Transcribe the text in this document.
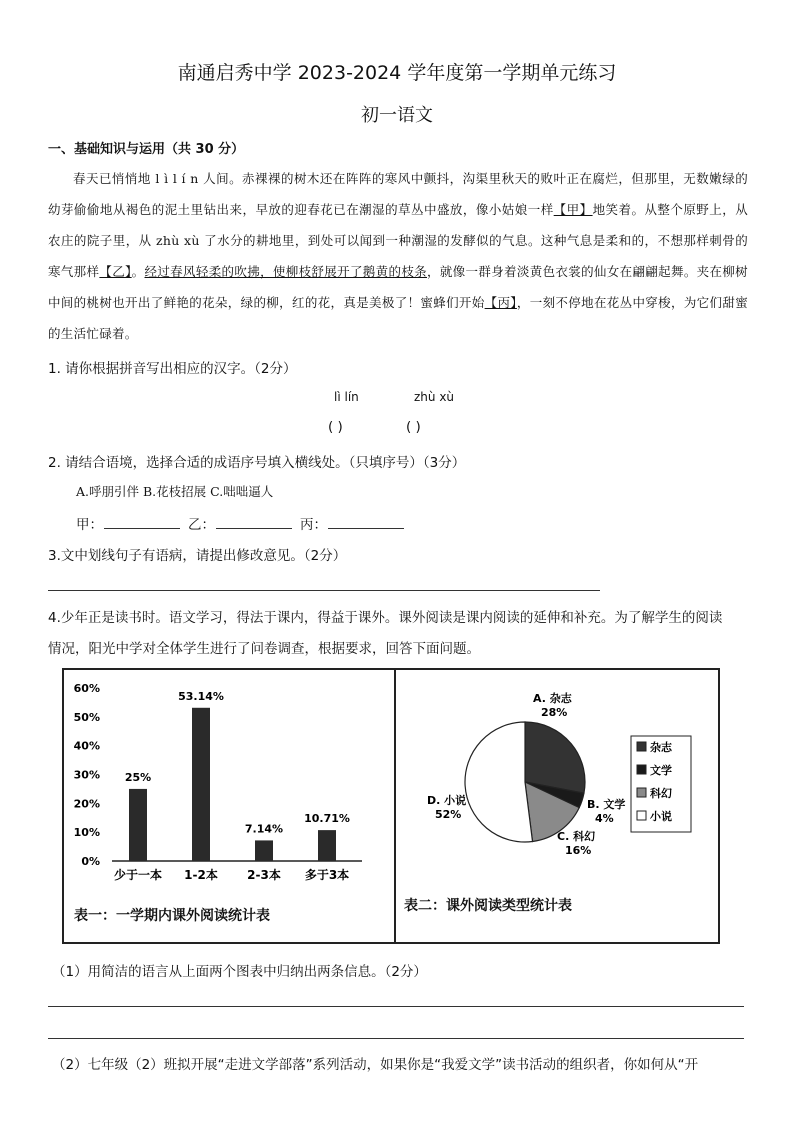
南通启秀中学 2023-2024 学年度第一学期单元练习
初一语文
一、基础知识与运用（共 30 分）

春天已悄悄地 l ì l í n 人间。赤裸裸的树木还在阵阵的寒风中颤抖，沟渠里秋天的败叶正在腐烂，但那里，无数嫩绿的幼芽偷偷地从褐色的泥土里钻出来，早放的迎春花已在潮湿的草丛中盛放，像小姑娘一样【甲】地笑着。从整个原野上，从农庄的院子里，从 zhù xù 了水分的耕地里，到处可以闻到一种潮湿的发酵似的气息。这种气息是柔和的，不想那样刺骨的寒气那样【乙】。经过春风轻柔的吹拂，使柳枝舒展开了鹅黄的枝条，就像一群身着淡黄色衣裳的仙女在翩翩起舞。夹在柳树中间的桃树也开出了鲜艳的花朵，绿的柳，红的花，真是美极了！蜜蜂们开始【丙】，一刻不停地在花丛中穿梭，为它们甜蜜的生活忙碌着。

1. 请你根据拼音写出相应的汉字。（2分）
lì lín	zhù xù
( )	( )
2. 请结合语境，选择合适的成语序号填入横线处。（只填序号）（3分）
A.呼朋引伴 B.花枝招展 C.咄咄逼人
甲：	乙：	丙：
3.文中划线句子有语病，请提出修改意见。（2分）
4.少年正是读书时。语文学习，得法于课内，得益于课外。课外阅读是课内阅读的延伸和补充。为了解学生的阅读
情况，阳光中学对全体学生进行了问卷调查，根据要求，回答下面问题。
0%
10%
20%
30%
40%
50%
60%
25%
少于一本
53.14%
1-2本
7.14%
2-3本
10.71%
多于3本
表一：一学期内课外阅读统计表
A. 杂志
28%
B. 文学
4%
C. 科幻
16%
D. 小说
52%
杂志
文学
科幻
小说
表二：课外阅读类型统计表
（1）用简洁的语言从上面两个图表中归纳出两条信息。（2分）
（2）七年级（2）班拟开展“走进文学部落”系列活动，如果你是“我爱文学”读书活动的组织者，你如何从“开
